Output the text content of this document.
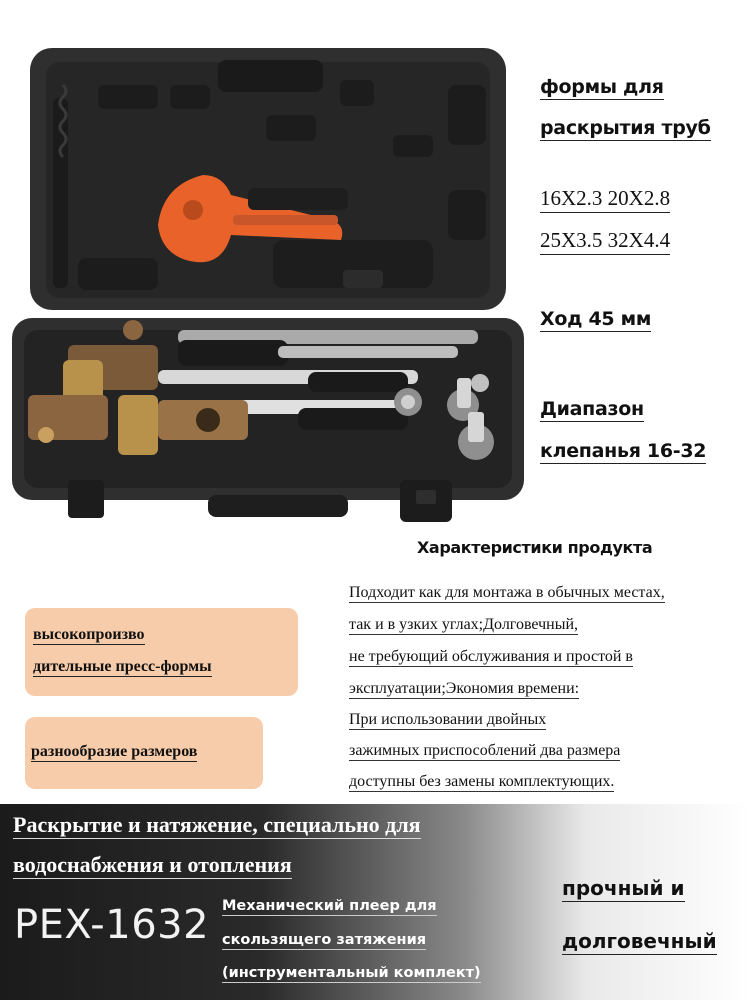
формы для
раскрытия труб
16X2.3 20X2.8
25X3.5 32X4.4
Ход 45 мм
Диапазон
клепанья 16-32
Характеристики продукта
Подходит как для монтажа в обычных местах,
так и в узких углах;Долговечный,
не требующий обслуживания и простой в
эксплуатации;Экономия времени:
При использовании двойных
зажимных приспособлений два размера
доступны без замены комплектующих.
высокопроизво
дительные пресс-формы
разнообразие размеров
Раскрытие и натяжение, специально для
водоснабжения и отопления
PEX-1632 Механический плеер для
скользящего затяжения
(инструментальный комплект)
прочный и
долговечный
